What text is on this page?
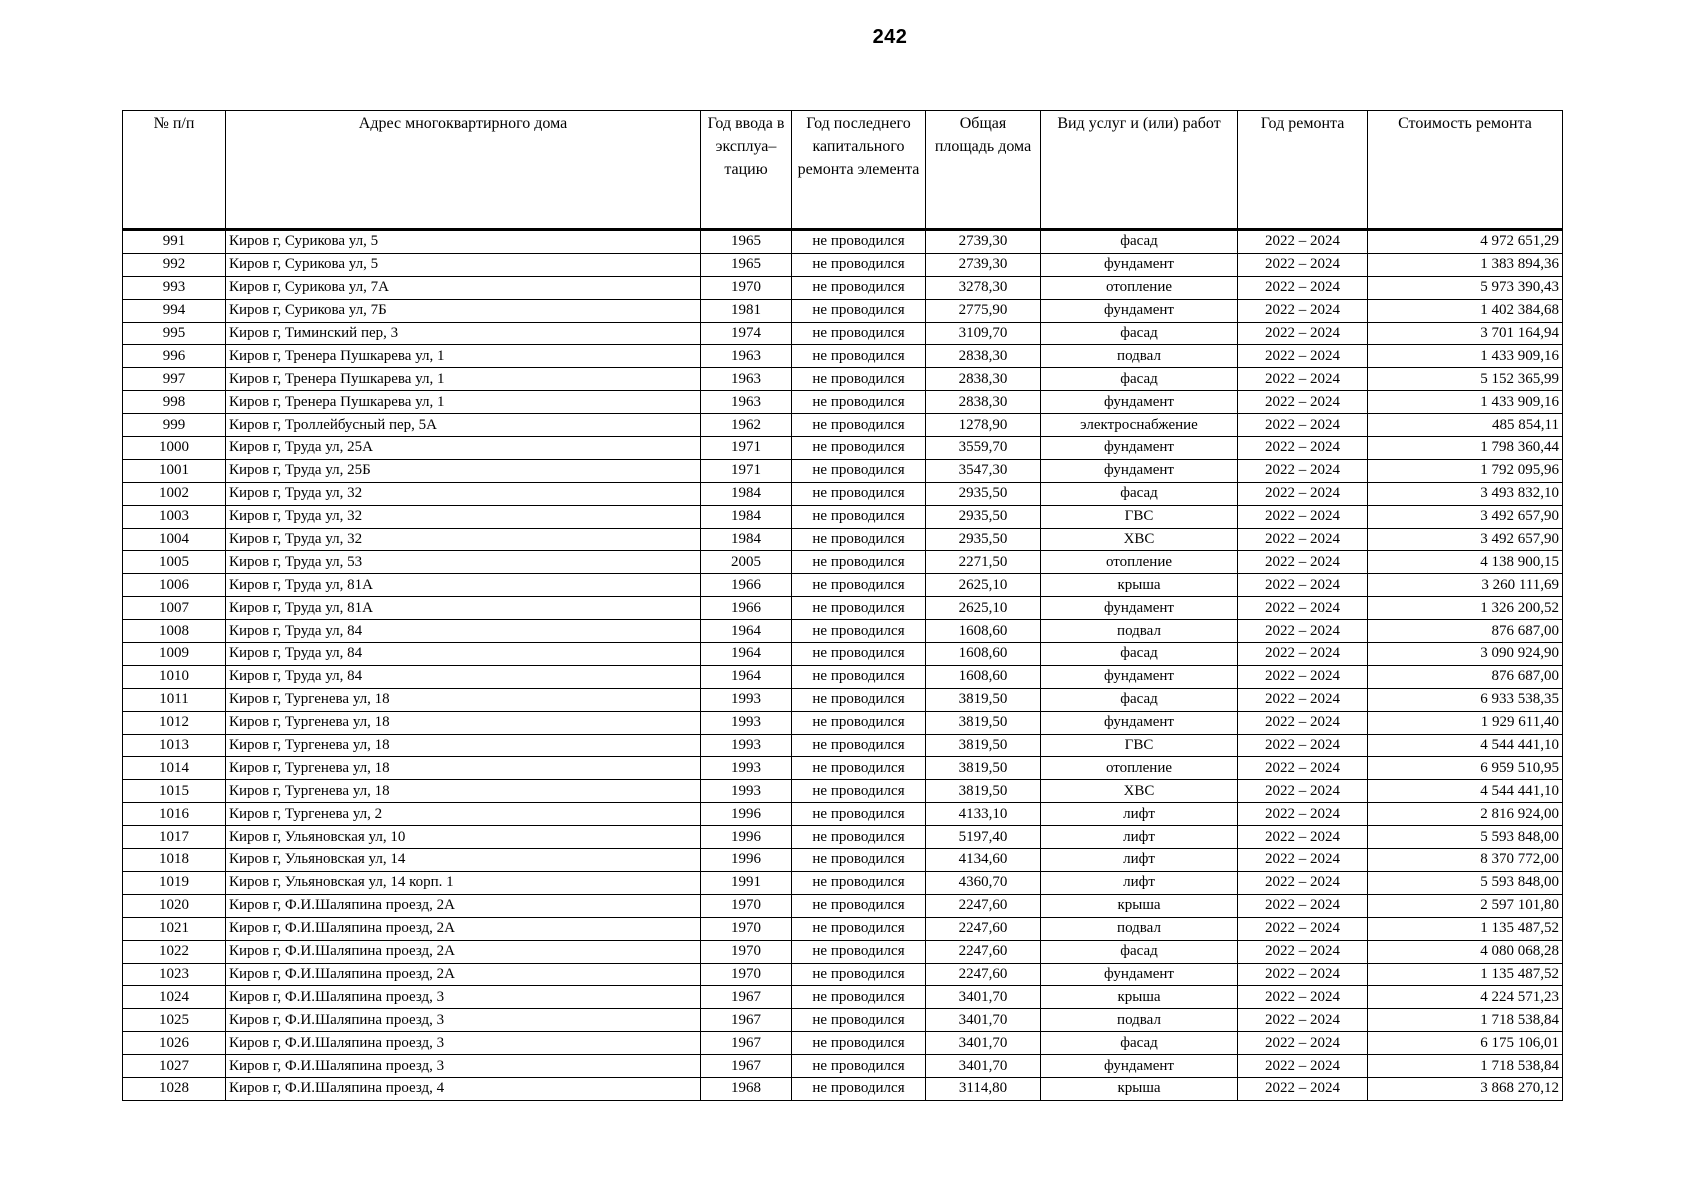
242
№ п/п	Адрес многоквартирного дома	Год ввода в эксплуа–тацию	Год последнего капитального ремонта элемента	Общая площадь дома	Вид услуг и (или) работ	Год ремонта	Стоимость ремонта
991	Киров г, Сурикова ул, 5	1965	не проводился	2739,30	фасад	2022 – 2024	4 972 651,29
992	Киров г, Сурикова ул, 5	1965	не проводился	2739,30	фундамент	2022 – 2024	1 383 894,36
993	Киров г, Сурикова ул, 7А	1970	не проводился	3278,30	отопление	2022 – 2024	5 973 390,43
994	Киров г, Сурикова ул, 7Б	1981	не проводился	2775,90	фундамент	2022 – 2024	1 402 384,68
995	Киров г, Тиминский пер, 3	1974	не проводился	3109,70	фасад	2022 – 2024	3 701 164,94
996	Киров г, Тренера Пушкарева ул, 1	1963	не проводился	2838,30	подвал	2022 – 2024	1 433 909,16
997	Киров г, Тренера Пушкарева ул, 1	1963	не проводился	2838,30	фасад	2022 – 2024	5 152 365,99
998	Киров г, Тренера Пушкарева ул, 1	1963	не проводился	2838,30	фундамент	2022 – 2024	1 433 909,16
999	Киров г, Троллейбусный пер, 5А	1962	не проводился	1278,90	электроснабжение	2022 – 2024	485 854,11
1000	Киров г, Труда ул, 25А	1971	не проводился	3559,70	фундамент	2022 – 2024	1 798 360,44
1001	Киров г, Труда ул, 25Б	1971	не проводился	3547,30	фундамент	2022 – 2024	1 792 095,96
1002	Киров г, Труда ул, 32	1984	не проводился	2935,50	фасад	2022 – 2024	3 493 832,10
1003	Киров г, Труда ул, 32	1984	не проводился	2935,50	ГВС	2022 – 2024	3 492 657,90
1004	Киров г, Труда ул, 32	1984	не проводился	2935,50	ХВС	2022 – 2024	3 492 657,90
1005	Киров г, Труда ул, 53	2005	не проводился	2271,50	отопление	2022 – 2024	4 138 900,15
1006	Киров г, Труда ул, 81А	1966	не проводился	2625,10	крыша	2022 – 2024	3 260 111,69
1007	Киров г, Труда ул, 81А	1966	не проводился	2625,10	фундамент	2022 – 2024	1 326 200,52
1008	Киров г, Труда ул, 84	1964	не проводился	1608,60	подвал	2022 – 2024	876 687,00
1009	Киров г, Труда ул, 84	1964	не проводился	1608,60	фасад	2022 – 2024	3 090 924,90
1010	Киров г, Труда ул, 84	1964	не проводился	1608,60	фундамент	2022 – 2024	876 687,00
1011	Киров г, Тургенева ул, 18	1993	не проводился	3819,50	фасад	2022 – 2024	6 933 538,35
1012	Киров г, Тургенева ул, 18	1993	не проводился	3819,50	фундамент	2022 – 2024	1 929 611,40
1013	Киров г, Тургенева ул, 18	1993	не проводился	3819,50	ГВС	2022 – 2024	4 544 441,10
1014	Киров г, Тургенева ул, 18	1993	не проводился	3819,50	отопление	2022 – 2024	6 959 510,95
1015	Киров г, Тургенева ул, 18	1993	не проводился	3819,50	ХВС	2022 – 2024	4 544 441,10
1016	Киров г, Тургенева ул, 2	1996	не проводился	4133,10	лифт	2022 – 2024	2 816 924,00
1017	Киров г, Ульяновская ул, 10	1996	не проводился	5197,40	лифт	2022 – 2024	5 593 848,00
1018	Киров г, Ульяновская ул, 14	1996	не проводился	4134,60	лифт	2022 – 2024	8 370 772,00
1019	Киров г, Ульяновская ул, 14 корп. 1	1991	не проводился	4360,70	лифт	2022 – 2024	5 593 848,00
1020	Киров г, Ф.И.Шаляпина проезд, 2А	1970	не проводился	2247,60	крыша	2022 – 2024	2 597 101,80
1021	Киров г, Ф.И.Шаляпина проезд, 2А	1970	не проводился	2247,60	подвал	2022 – 2024	1 135 487,52
1022	Киров г, Ф.И.Шаляпина проезд, 2А	1970	не проводился	2247,60	фасад	2022 – 2024	4 080 068,28
1023	Киров г, Ф.И.Шаляпина проезд, 2А	1970	не проводился	2247,60	фундамент	2022 – 2024	1 135 487,52
1024	Киров г, Ф.И.Шаляпина проезд, 3	1967	не проводился	3401,70	крыша	2022 – 2024	4 224 571,23
1025	Киров г, Ф.И.Шаляпина проезд, 3	1967	не проводился	3401,70	подвал	2022 – 2024	1 718 538,84
1026	Киров г, Ф.И.Шаляпина проезд, 3	1967	не проводился	3401,70	фасад	2022 – 2024	6 175 106,01
1027	Киров г, Ф.И.Шаляпина проезд, 3	1967	не проводился	3401,70	фундамент	2022 – 2024	1 718 538,84
1028	Киров г, Ф.И.Шаляпина проезд, 4	1968	не проводился	3114,80	крыша	2022 – 2024	3 868 270,12
